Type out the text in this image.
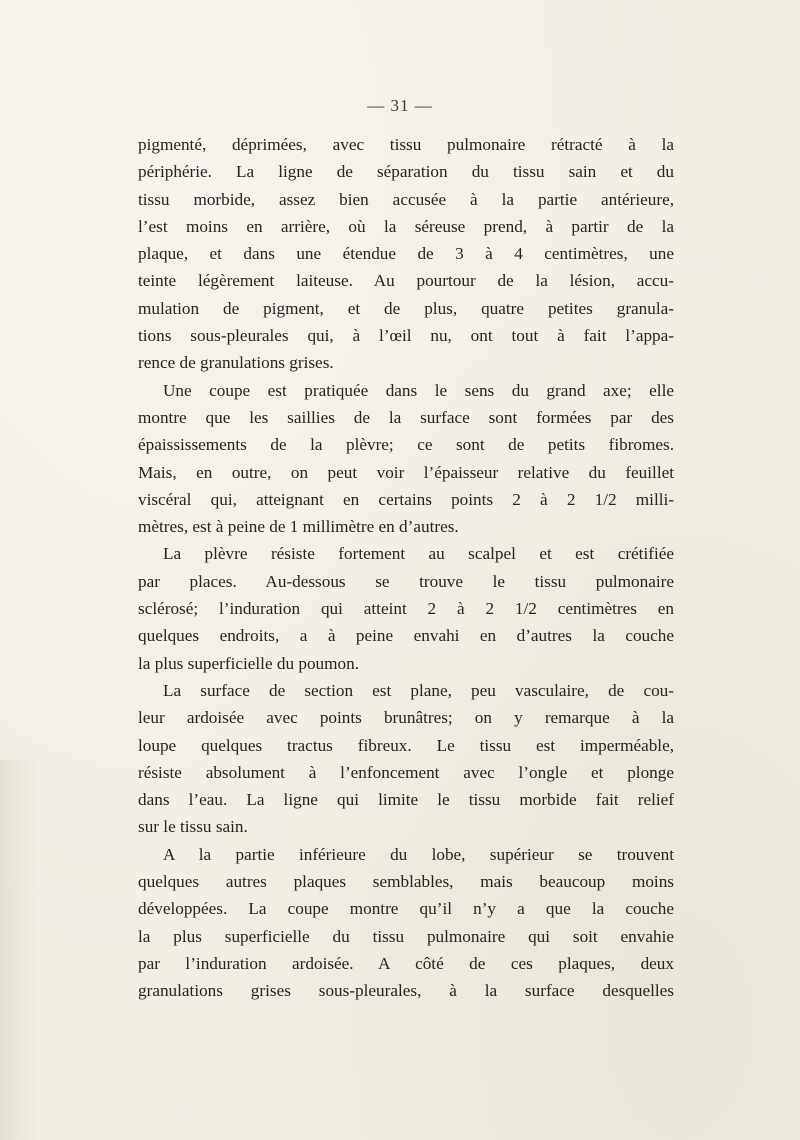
— 31 —

pigmenté, déprimées, avec tissu pulmonaire rétracté à la
périphérie. La ligne de séparation du tissu sain et du
tissu morbide, assez bien accusée à la partie antérieure,
l’est moins en arrière, où la séreuse prend, à partir de la
plaque, et dans une étendue de 3 à 4 centimètres, une
teinte légèrement laiteuse. Au pourtour de la lésion, accu-
mulation de pigment, et de plus, quatre petites granula-
tions sous-pleurales qui, à l’œil nu, ont tout à fait l’appa-
rence de granulations grises.

Une coupe est pratiquée dans le sens du grand axe; elle
montre que les saillies de la surface sont formées par des
épaississements de la plèvre; ce sont de petits fibromes.
Mais, en outre, on peut voir l’épaisseur relative du feuillet
viscéral qui, atteignant en certains points 2 à 2 1/2 milli-
mètres, est à peine de 1 millimètre en d’autres.

La plèvre résiste fortement au scalpel et est crétifiée
par places. Au-dessous se trouve le tissu pulmonaire
sclérosé; l’induration qui atteint 2 à 2 1/2 centimètres en
quelques endroits, a à peine envahi en d’autres la couche
la plus superficielle du poumon.

La surface de section est plane, peu vasculaire, de cou-
leur ardoisée avec points brunâtres; on y remarque à la
loupe quelques tractus fibreux. Le tissu est imperméable,
résiste absolument à l’enfoncement avec l’ongle et plonge
dans l’eau. La ligne qui limite le tissu morbide fait relief
sur le tissu sain.

A la partie inférieure du lobe, supérieur se trouvent
quelques autres plaques semblables, mais beaucoup moins
développées. La coupe montre qu’il n’y a que la couche
la plus superficielle du tissu pulmonaire qui soit envahie
par l’induration ardoisée. A côté de ces plaques, deux
granulations grises sous-pleurales, à la surface desquelles
